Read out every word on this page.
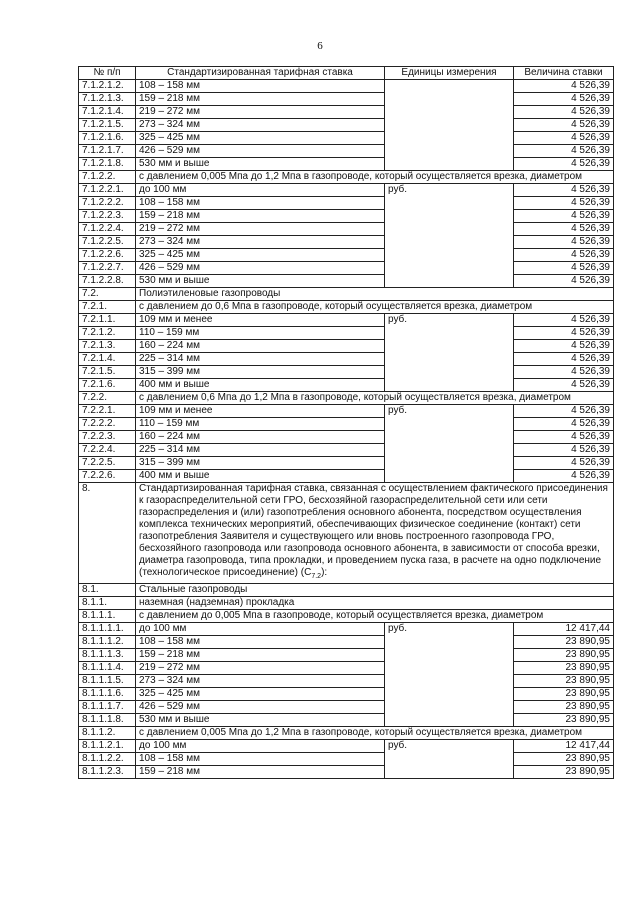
6
№ п/п	Стандартизированная тарифная ставка	Единицы измерения	Величина ставки
7.1.2.1.2.	108 – 158 мм		4 526,39
7.1.2.1.3.	159 – 218 мм		4 526,39
7.1.2.1.4.	219 – 272 мм		4 526,39
7.1.2.1.5.	273 – 324 мм		4 526,39
7.1.2.1.6.	325 – 425 мм		4 526,39
7.1.2.1.7.	426 – 529 мм		4 526,39
7.1.2.1.8.	530 мм и выше		4 526,39
7.1.2.2.	с давлением 0,005 Мпа до 1,2 Мпа в газопроводе, который осуществляется врезка, диаметром		
7.1.2.2.1.	до 100 мм	руб.	4 526,39
7.1.2.2.2.	108 – 158 мм		4 526,39
7.1.2.2.3.	159 – 218 мм		4 526,39
7.1.2.2.4.	219 – 272 мм		4 526,39
7.1.2.2.5.	273 – 324 мм		4 526,39
7.1.2.2.6.	325 – 425 мм		4 526,39
7.1.2.2.7.	426 – 529 мм		4 526,39
7.1.2.2.8.	530 мм и выше		4 526,39
7.2.	Полиэтиленовые газопроводы		
7.2.1.	с давлением до 0,6 Мпа в газопроводе, который осуществляется врезка, диаметром		
7.2.1.1.	109 мм и менее	руб.	4 526,39
7.2.1.2.	110 – 159 мм		4 526,39
7.2.1.3.	160 – 224 мм		4 526,39
7.2.1.4.	225 – 314 мм		4 526,39
7.2.1.5.	315 – 399 мм		4 526,39
7.2.1.6.	400 мм и выше		4 526,39
7.2.2.	с давлением 0,6 Мпа до 1,2 Мпа в газопроводе, который осуществляется врезка, диаметром		
7.2.2.1.	109 мм и менее	руб.	4 526,39
7.2.2.2.	110 – 159 мм		4 526,39
7.2.2.3.	160 – 224 мм		4 526,39
7.2.2.4.	225 – 314 мм		4 526,39
7.2.2.5.	315 – 399 мм		4 526,39
7.2.2.6.	400 мм и выше		4 526,39
8.	Стандартизированная тарифная ставка, связанная с осуществлением фактического присоединения к газораспределительной сети ГРО, бесхозяйной газораспределительной сети или сети газораспределения и (или) газопотребления основного абонента, посредством осуществления комплекса технических мероприятий, обеспечивающих физическое соединение (контакт) сети газопотребления Заявителя и существующего или вновь построенного газопровода ГРО, бесхозяйного газопровода или газопровода основного абонента, в зависимости от способа врезки, диаметра газопровода, типа прокладки, и проведением пуска газа, в расчете на одно подключение (технологическое присоединение) $(С_{7.2})$:		
8.1.	Стальные газопроводы		
8.1.1.	наземная (надземная) прокладка		
8.1.1.1.	с давлением до 0,005 Мпа в газопроводе, который осуществляется врезка, диаметром		
8.1.1.1.1.	до 100 мм	руб.	12 417,44
8.1.1.1.2.	108 – 158 мм		23 890,95
8.1.1.1.3.	159 – 218 мм		23 890,95
8.1.1.1.4.	219 – 272 мм		23 890,95
8.1.1.1.5.	273 – 324 мм		23 890,95
8.1.1.1.6.	325 – 425 мм		23 890,95
8.1.1.1.7.	426 – 529 мм		23 890,95
8.1.1.1.8.	530 мм и выше		23 890,95
8.1.1.2.	с давлением 0,005 Мпа до 1,2 Мпа в газопроводе, который осуществляется врезка, диаметром		
8.1.1.2.1.	до 100 мм	руб.	12 417,44
8.1.1.2.2.	108 – 158 мм		23 890,95
8.1.1.2.3.	159 – 218 мм		23 890,95
